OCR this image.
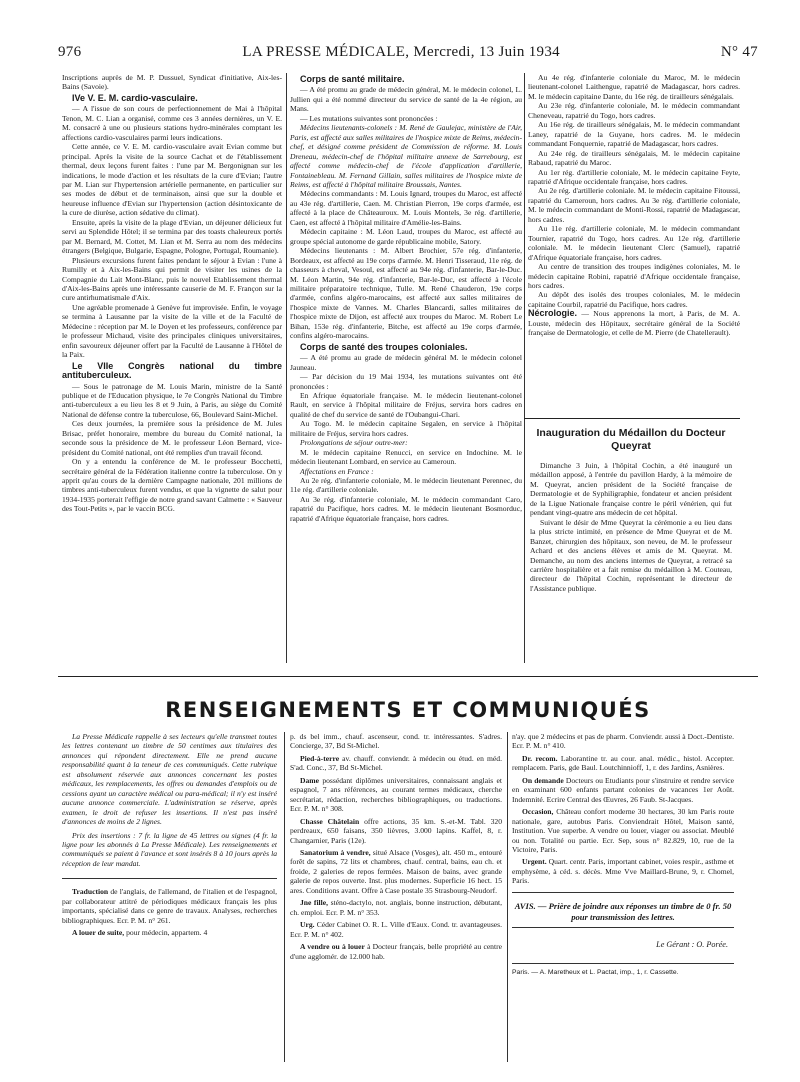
976	LA PRESSE MÉDICALE, Mercredi, 13 Juin 1934	N° 47

Inscriptions auprès de M. P. Dussuel, Syndicat d'initiative, Aix-les-Bains (Savoie).

IVe V. E. M. cardio-vasculaire.

— A l'issue de son cours de perfectionnement de Mai à l'hôpital Tenon, M. C. Lian a organisé, comme ces 3 années dernières, un V. E. M. consacré à une ou plusieurs stations hydro-minérales comptant les affections cardio-vasculaires parmi leurs indications.

Cette année, ce V. E. M. cardio-vasculaire avait Evian comme but principal. Après la visite de la source Cachat et de l'établissement thermal, deux leçons furent faites : l'une par M. Bergonignan sur les indications, le mode d'action et les résultats de la cure d'Evian; l'autre par M. Lian sur l'hypertension artérielle permanente, en particulier sur ses modes de début et de terminaison, ainsi que sur la double et heureuse influence d'Evian sur l'hypertension (action désintoxicante de la cure de diurèse, action sédative du climat).

Ensuite, après la visite de la plage d'Evian, un déjeuner délicieux fut servi au Splendide Hôtel; il se termina par des toasts chaleureux portés par M. Bernard, M. Cottet, M. Lian et M. Serra au nom des médecins étrangers (Belgique, Bulgarie, Espagne, Pologne, Portugal, Roumanie).

Plusieurs excursions furent faites pendant le séjour à Evian : l'une à Rumilly et à Aix-les-Bains qui permit de visiter les usines de la Compagnie du Lait Mont-Blanc, puis le nouvel Etablissement thermal d'Aix-les-Bains après une intéressante causerie de M. F. Françon sur la cure antirhumatismale d'Aix.

Une agréable promenade à Genève fut improvisée. Enfin, le voyage se termina à Lausanne par la visite de la ville et de la Faculté de Médecine : réception par M. le Doyen et les professeurs, conférence par le professeur Michaud, visite des principales cliniques universitaires, enfin savoureux déjeuner offert par la Faculté de Lausanne à l'Hôtel de la Paix.

Le VIIe Congrès national du timbre antituberculeux.

— Sous le patronage de M. Louis Marin, ministre de la Santé publique et de l'Education physique, le 7e Congrès National du Timbre anti-tuberculeux a eu lieu les 8 et 9 Juin, à Paris, au siège du Comité National de défense contre la tuberculose, 66, Boulevard Saint-Michel.

Ces deux journées, la première sous la présidence de M. Jules Brisac, préfet honoraire, membre du bureau du Comité national, la seconde sous la présidence de M. le professeur Léon Bernard, vice-président du Comité national, ont été remplies d'un travail fécond.

On y a entendu la conférence de M. le professeur Bocchetti, secrétaire général de la Fédération italienne contre la tuberculose. On y apprit qu'au cours de la dernière Campagne nationale, 201 millions de timbres anti-tuberculeux furent vendus, et que la vignette de salut pour 1934-1935 porterait l'effigie de notre grand savant Calmette : « Sauveur des Tout-Petits », par le vaccin BCG.

Corps de santé militaire.

— A été promu au grade de médecin général, M. le médecin colonel, L. Jullien qui a été nommé directeur du service de santé de la 4e région, au Mans.

— Les mutations suivantes sont prononcées :

Médecins lieutenants-colonels : M. René de Gaulejac, ministère de l'Air, Paris, est affecté aux salles militaires de l'hospice mixte de Reims, médecin-chef, et désigné comme président de Commission de réforme. M. Louis Dreneau, médecin-chef de l'hôpital militaire annexe de Sarrebourg, est affecté comme médecin-chef de l'école d'application d'artillerie, Fontainebleau. M. Fernand Gillain, salles militaires de l'hospice mixte de Reims, est affecté à l'hôpital militaire Broussais, Nantes.

Médecins commandants : M. Louis Ignard, troupes du Maroc, est affecté au 43e rég. d'artillerie, Caen. M. Christian Pierron, 19e corps d'armée, est affecté à la place de Châteauroux. M. Louis Montels, 3e rég. d'artillerie, Caen, est affecté à l'hôpital militaire d'Amélie-les-Bains.

Médecin capitaine : M. Léon Laud, troupes du Maroc, est affecté au groupe spécial autonome de garde républicaine mobile, Satory.

Médecins lieutenants : M. Albert Brochier, 57e rég. d'infanterie, Bordeaux, est affecté au 19e corps d'armée. M. Henri Tisseraud, 11e rég. de chasseurs à cheval, Vesoul, est affecté au 94e rég. d'infanterie, Bar-le-Duc. M. Léon Martin, 94e rég. d'infanterie, Bar-le-Duc, est affecté à l'école militaire préparatoire technique, Tulle. M. René Chauderon, 19e corps d'armée, confins algéro-marocains, est affecté aux salles militaires de l'hospice mixte de Vannes. M. Charles Blancardi, salles militaires de l'hospice mixte de Dijon, est affecté aux troupes du Maroc. M. Robert Le Bihan, 153e rég. d'infanterie, Bitche, est affecté au 19e corps d'armée, confins algéro-marocains.

Corps de santé des troupes coloniales.

— A été promu au grade de médecin général M. le médecin colonel Jauneau.

— Par décision du 19 Mai 1934, les mutations suivantes ont été prononcées :

En Afrique équatoriale française. M. le médecin lieutenant-colonel Rault, en service à l'hôpital militaire de Fréjus, servira hors cadres en qualité de chef du service de santé de l'Oubangui-Chari.

Au Togo. M. le médecin capitaine Segalen, en service à l'hôpital militaire de Fréjus, servira hors cadres.

Prolongations de séjour outre-mer:

M. le médecin capitaine Renucci, en service en Indochine. M. le médecin lieutenant Lombard, en service au Cameroun.

Affectations en France :

Au 2e rég. d'infanterie coloniale, M. le médecin lieutenant Perennec, du 11e rég. d'artillerie coloniale.

Au 3e rég. d'infanterie coloniale, M. le médecin commandant Caro, rapatrié du Pacifique, hors cadres. M. le médecin lieutenant Bosmorduc, rapatrié d'Afrique équatoriale française, hors cadres.

Au 4e rég. d'infanterie coloniale du Maroc, M. le médecin lieutenant-colonel Laithengue, rapatrié de Madagascar, hors cadres. M. le médecin capitaine Dante, du 16e rég. de tirailleurs sénégalais.

Au 23e rég. d'infanterie coloniale, M. le médecin commandant Cheneveau, rapatrié du Togo, hors cadres.

Au 16e rég. de tirailleurs sénégalais, M. le médecin commandant Laney, rapatrié de la Guyane, hors cadres. M. le médecin commandant Fonquernie, rapatrié de Madagascar, hors cadres.

Au 24e rég. de tirailleurs sénégalais, M. le médecin capitaine Rabaud, rapatrié du Maroc.

Au 1er rég. d'artillerie coloniale, M. le médecin capitaine Feyte, rapatrié d'Afrique occidentale française, hors cadres.

Au 2e rég. d'artillerie coloniale. M. le médecin capitaine Fitoussi, rapatrié du Cameroun, hors cadres. Au 3e rég. d'artillerie coloniale, M. le médecin commandant de Monti-Rossi, rapatrié de Madagascar, hors cadres.

Au 11e rég. d'artillerie coloniale, M. le médecin commandant Tournier, rapatrié du Togo, hors cadres. Au 12e rég. d'artillerie coloniale. M. le médecin lieutenant Clerc (Samuel), rapatrié d'Afrique équatoriale française, hors cadres.

Au centre de transition des troupes indigènes coloniales, M. le médecin capitaine Robini, rapatrié d'Afrique occidentale française, hors cadres.

Au dépôt des isolés des troupes coloniales, M. le médecin capitaine Courbil, rapatrié du Pacifique, hors cadres.

Nécrologie. — Nous apprenons la mort, à Paris, de M. A. Louste, médecin des Hôpitaux, secrétaire général de la Société française de Dermatologie, et celle de M. Pierre (de Chatellerault).
Inauguration du Médaillon du Docteur Queyrat

Dimanche 3 Juin, à l'hôpital Cochin, a été inauguré un médaillon apposé, à l'entrée du pavillon Hardy, à la mémoire de M. Queyrat, ancien président de la Société française de Dermatologie et de Syphiligraphie, fondateur et ancien président de la Ligue Nationale française contre le péril vénérien, qui fut pendant vingt-quatre ans médecin de cet hôpital.

Suivant le désir de Mme Queyrat la cérémonie a eu lieu dans la plus stricte intimité, en présence de Mme Queyrat et de M. Banzet, chirurgien des hôpitaux, son neveu, de M. le professeur Achard et des anciens élèves et amis de M. Queyrat. M. Demanche, au nom des anciens internes de Queyrat, a retracé sa carrière hospitalière et a fait remise du médaillon à M. Couteau, directeur de l'hôpital Cochin, représentant le directeur de l'Assistance publique.

RENSEIGNEMENTS ET COMMUNIQUÉS

La Presse Médicale rappelle à ses lecteurs qu'elle transmet toutes les lettres contenant un timbre de 50 centimes aux titulaires des annonces qui répondent directement. Elle ne prend aucune responsabilité quant à la teneur de ces communiqués. Cette rubrique est absolument réservée aux annonces concernant les postes médicaux, les remplacements, les offres ou demandes d'emplois ou de cessions ayant un caractère médical ou para-médical; il n'y est inséré aucune annonce commerciale. L'administration se réserve, après examen, le droit de refuser les insertions. Il n'est pas inséré d'annonces de moins de 2 lignes.

Prix des insertions : 7 fr. la ligne de 45 lettres ou signes (4 fr. la ligne pour les abonnés à La Presse Médicale). Les renseignements et communiqués se paient à l'avance et sont insérés 8 à 10 jours après la réception de leur mandat.

Traduction de l'anglais, de l'allemand, de l'italien et de l'espagnol, par collaborateur attitré de périodiques médicaux français les plus importants, spécialisé dans ce genre de travaux. Analyses, recherches bibliographiques. Ecr. P. M. n° 261.

A louer de suite, pour médecin, appartem. 4

p. ds bel imm., chauf. ascenseur, cond. tr. intéressantes. S'adres. Concierge, 37, Bd St-Michel.

Pied-à-terre av. chauff. conviendr. à médecin ou étud. en méd. S'ad. Conc., 37, Bd St-Michel.

Dame possédant diplômes universitaires, connaissant anglais et espagnol, 7 ans références, au courant termes médicaux, cherche secrétariat, rédaction, recherches bibliographiques, ou traductions. Ecr. P. M. n° 308.

Chasse Châtelain offre actions, 35 km. S.-et-M. Tabl. 320 perdreaux, 650 faisans, 350 lièvres, 3.000 lapins. Kaffel, 8, r. Changarnier, Paris (12e).

Sanatorium à vendre, situé Alsace (Vosges), alt. 450 m., entouré forêt de sapins, 72 lits et chambres, chauf. central, bains, eau ch. et froide, 2 galeries de repos fermées. Maison de bains, avec grande galerie de repos ouverte. Inst. plus modernes. Superficie 16 hect. 15 ares. Conditions avant. Offre à Case postale 35 Strasbourg-Neudorf.

Jne fille, sténo-dactylo, not. anglais, bonne instruction, débutant, ch. emploi. Ecr. P. M. n° 353.

Urg. Céder Cabinet O. R. L. Ville d'Eaux. Cond. tr. avantageuses. Ecr. P. M. n° 402.

A vendre ou à louer à Docteur français, belle propriété au centre d'une agglomér. de 12.000 hab.

n'ay. que 2 médecins et pas de pharm. Conviendr. aussi à Doct.-Dentiste. Ecr. P. M. n° 410.

Dr. recom. Laborantine tr. au cour. anal. médic., histol. Accepter. remplacem. Paris, gde Baul. Loutchinnioff, 1, r. des Jardins, Asnières.

On demande Docteurs ou Etudiants pour s'instruire et rendre service en examinant 600 enfants partant colonies de vacances 1er Août. Indemnité. Ecrire Central des Œuvres, 26 Faub. St-Jacques.

Occasion, Château confort moderne 30 hectares, 30 km Paris route nationale, gare, autobus Paris. Conviendrait Hôtel, Maison santé, Institution. Vue superbe. A vendre ou louer, viager ou associat. Meublé ou non. Totalité ou partie. Ecr. Sep, sous n° 82.829, 10, rue de la Victoire, Paris.

Urgent. Quart. centr. Paris, important cabinet, voies respir., asthme et emphysème, à céd. s. décès. Mme Vve Maillard-Brune, 9, r. Chomel, Paris.

AVIS. — Prière de joindre aux réponses un timbre de 0 fr. 50 pour transmission des lettres.
Le Gérant : O. Porée.
Paris. — A. Maretheux et L. Pactat, imp., 1, r. Cassette.
